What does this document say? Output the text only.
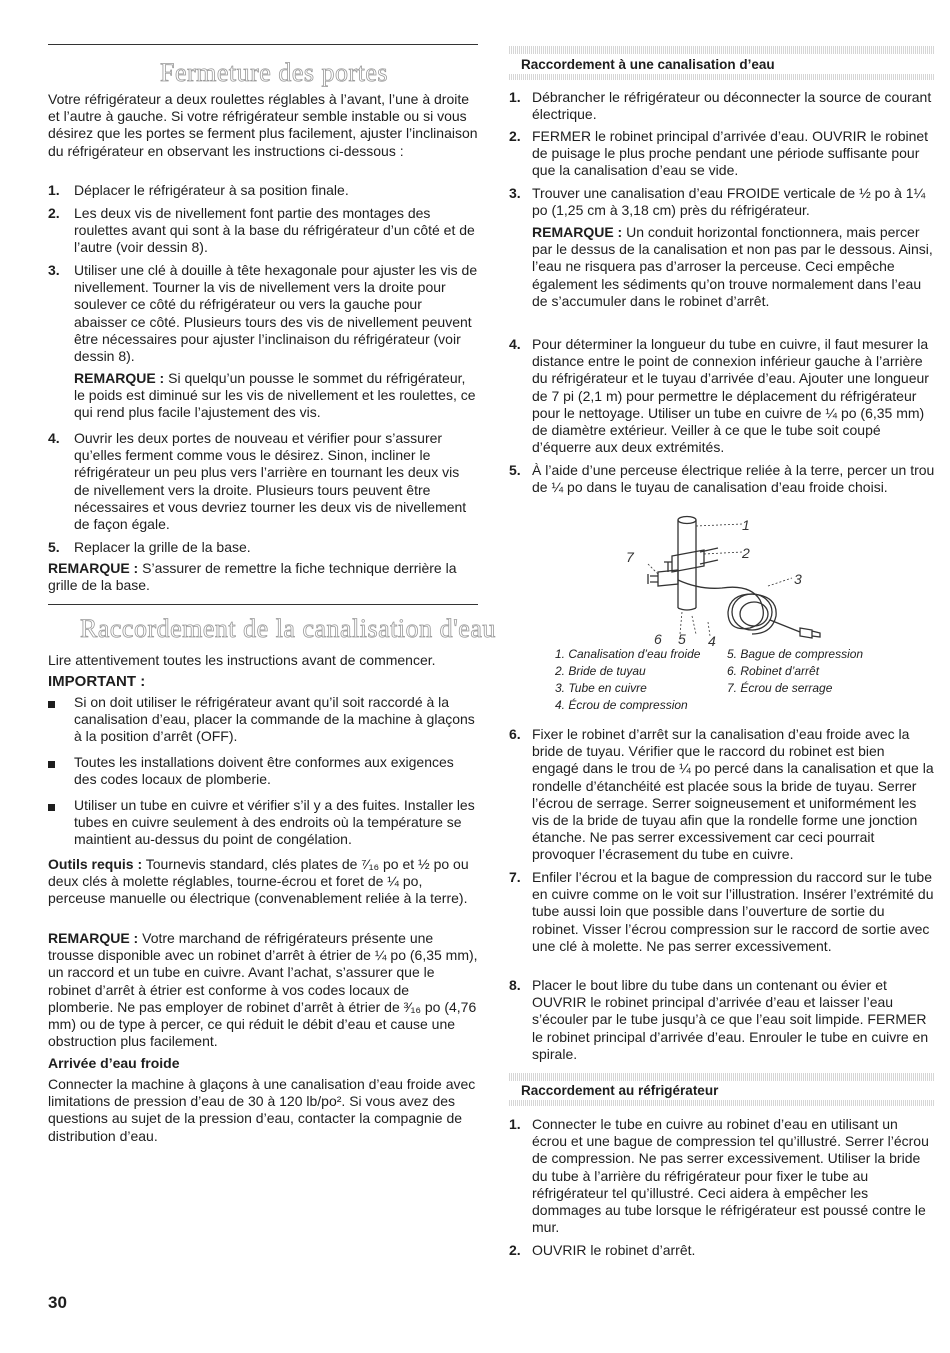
Fermeture des portes

Votre réfrigérateur a deux roulettes réglables à l’avant, l’une à droite et l’autre à gauche. Si votre réfrigérateur semble instable ou si vous désirez que les portes se ferment plus facilement, ajuster l’inclinaison du réfrigérateur en observant les instructions ci-dessous :

1. Déplacer le réfrigérateur à sa position finale.
2. Les deux vis de nivellement font partie des montages des roulettes avant qui sont à la base du réfrigérateur d’un côté et de l’autre (voir dessin 8).
3. Utiliser une clé à douille à tête hexagonale pour ajuster les vis de nivellement. Tourner la vis de nivellement vers la droite pour soulever ce côté du réfrigérateur ou vers la gauche pour abaisser ce côté. Plusieurs tours des vis de nivellement peuvent être nécessaires pour ajuster l’inclinaison du réfrigérateur (voir dessin 8).
REMARQUE : Si quelqu’un pousse le sommet du réfrigérateur, le poids est diminué sur les vis de nivellement et les roulettes, ce qui rend plus facile l’ajustement des vis.
4. Ouvrir les deux portes de nouveau et vérifier pour s’assurer qu’elles ferment comme vous le désirez. Sinon, incliner le réfrigérateur un peu plus vers l’arrière en tournant les deux vis de nivellement vers la droite. Plusieurs tours peuvent être nécessaires et vous devriez tourner les deux vis de nivellement de façon égale.
5. Replacer la grille de la base.
REMARQUE : S’assurer de remettre la fiche technique derrière la grille de la base.
Raccordement de la canalisation d'eau
Lire attentivement toutes les instructions avant de commencer.
IMPORTANT :
Si on doit utiliser le réfrigérateur avant qu’il soit raccordé à la canalisation d’eau, placer la commande de la machine à glaçons à la position d’arrêt (OFF).
Toutes les installations doivent être conformes aux exigences des codes locaux de plomberie.
Utiliser un tube en cuivre et vérifier s’il y a des fuites. Installer les tubes en cuivre seulement à des endroits où la température se maintient au-dessus du point de congélation.
Outils requis : Tournevis standard, clés plates de ⁷⁄₁₆ po et ½ po ou deux clés à molette réglables, tourne-écrou et foret de ¼ po, perceuse manuelle ou électrique (convenablement reliée à la terre).
REMARQUE : Votre marchand de réfrigérateurs présente une trousse disponible avec un robinet d’arrêt à étrier de ¼ po (6,35 mm), un raccord et un tube en cuivre. Avant l’achat, s’assurer que le robinet d’arrêt à étrier est conforme à vos codes locaux de plomberie. Ne pas employer de robinet d’arrêt à étrier de ³⁄₁₆ po (4,76 mm) ou de type à percer, ce qui réduit le débit d’eau et cause une obstruction plus facilement.
Arrivée d’eau froide
Connecter la machine à glaçons à une canalisation d’eau froide avec limitations de pression d’eau de 30 à 120 lb/po². Si vous avez des questions au sujet de la pression d’eau, contacter la compagnie de distribution d’eau.
Raccordement à une canalisation d’eau
1. Débrancher le réfrigérateur ou déconnecter la source de courant électrique.
2. FERMER le robinet principal d’arrivée d’eau. OUVRIR le robinet de puisage le plus proche pendant une période suffisante pour que la canalisation d’eau se vide.
3. Trouver une canalisation d’eau FROIDE verticale de ½ po à 1¼ po (1,25 cm à 3,18 cm) près du réfrigérateur.
REMARQUE : Un conduit horizontal fonctionnera, mais percer par le dessus de la canalisation et non pas par le dessous. Ainsi, l’eau ne risquera pas d’arroser la perceuse. Ceci empêche également les sédiments qu’on trouve normalement dans l’eau de s’accumuler dans le robinet d’arrêt.
4. Pour déterminer la longueur du tube en cuivre, il faut mesurer la distance entre le point de connexion inférieur gauche à l’arrière du réfrigérateur et le tuyau d’arrivée d’eau. Ajouter une longueur de 7 pi (2,1 m) pour permettre le déplacement du réfrigérateur pour le nettoyage. Utiliser un tube en cuivre de ¼ po (6,35 mm) de diamètre extérieur. Veiller à ce que le tube soit coupé d’équerre aux deux extrémités.
5. À l’aide d’une perceuse électrique reliée à la terre, percer un trou de ¼ po dans le tuyau de canalisation d’eau froide choisi.
1
2
3
4
5
6
7
1. Canalisation d’eau froide
2. Bride de tuyau
3. Tube en cuivre
4. Écrou de compression
5. Bague de compression
6. Robinet d’arrêt
7. Écrou de serrage
6. Fixer le robinet d’arrêt sur la canalisation d’eau froide avec la bride de tuyau. Vérifier que le raccord du robinet est bien engagé dans le trou de ¼ po percé dans la canalisation et que la rondelle d’étanchéité est placée sous la bride de tuyau. Serrer l’écrou de serrage. Serrer soigneusement et uniformément les vis de la bride de tuyau afin que la rondelle forme une jonction étanche. Ne pas serrer excessivement car ceci pourrait provoquer l’écrasement du tube en cuivre.
7. Enfiler l’écrou et la bague de compression du raccord sur le tube en cuivre comme on le voit sur l’illustration. Insérer l’extrémité du tube aussi loin que possible dans l’ouverture de sortie du robinet. Visser l’écrou compression sur le raccord de sortie avec une clé à molette. Ne pas serrer excessivement.
8. Placer le bout libre du tube dans un contenant ou évier et OUVRIR le robinet principal d’arrivée d’eau et laisser l’eau s’écouler par le tube jusqu’à ce que l’eau soit limpide. FERMER le robinet principal d’arrivée d’eau. Enrouler le tube en cuivre en spirale.
Raccordement au réfrigérateur
1. Connecter le tube en cuivre au robinet d’eau en utilisant un écrou et une bague de compression tel qu’illustré. Serrer l’écrou de compression. Ne pas serrer excessivement. Utiliser la bride du tube à l’arrière du réfrigérateur pour fixer le tube au réfrigérateur tel qu’illustré. Ceci aidera à empêcher les dommages au tube lorsque le réfrigérateur est poussé contre le mur.
2. OUVRIR le robinet d’arrêt.
30
